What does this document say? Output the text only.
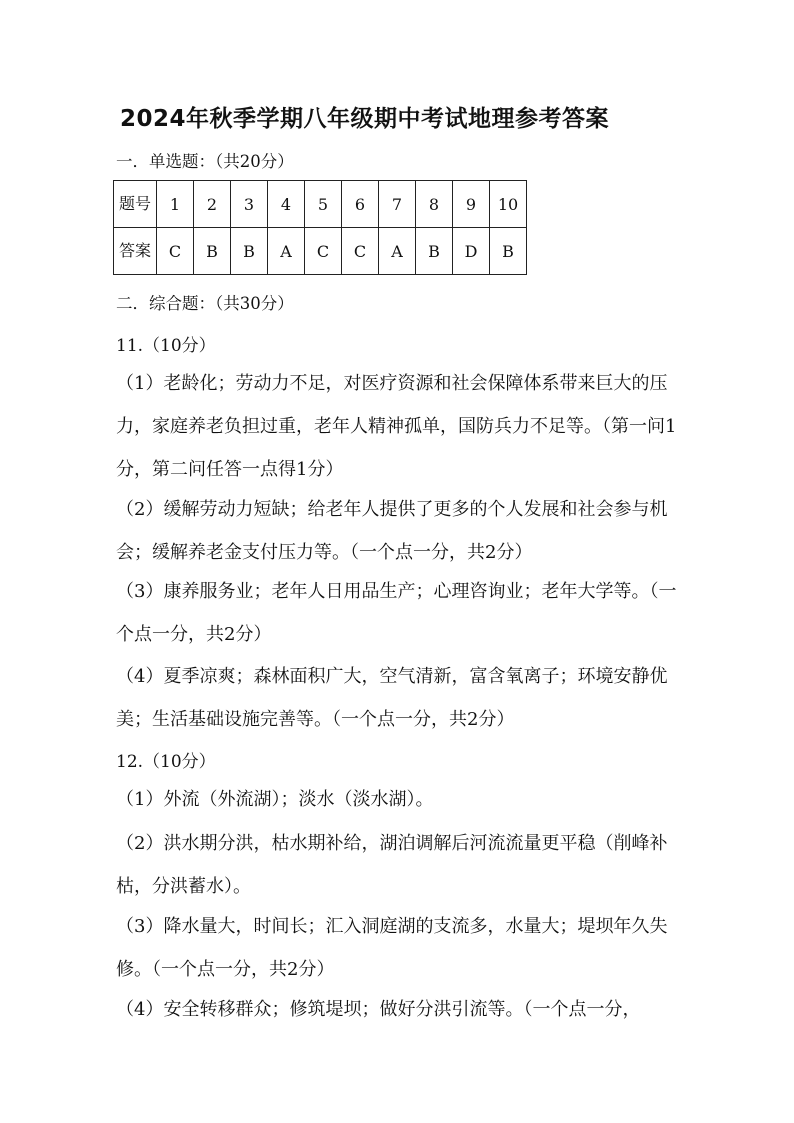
2024年秋季学期八年级期中考试地理参考答案

一．单选题：（共20分）

题号	1	2	3	4	5	6	7	8	9	10
答案	C	B	B	A	C	C	A	B	D	B

二．综合题：（共30分）

11.（10分）

（1）老龄化；劳动力不足，对医疗资源和社会保障体系带来巨大的压力，家庭养老负担过重，老年人精神孤单，国防兵力不足等。（第一问1分，第二问任答一点得1分）

（2）缓解劳动力短缺；给老年人提供了更多的个人发展和社会参与机会；缓解养老金支付压力等。（一个点一分，共2分）

（3）康养服务业；老年人日用品生产；心理咨询业；老年大学等。（一个点一分，共2分）

（4）夏季凉爽；森林面积广大，空气清新，富含氧离子；环境安静优美；生活基础设施完善等。（一个点一分，共2分）

12.（10分）

（1）外流（外流湖）；淡水（淡水湖）。

（2）洪水期分洪，枯水期补给，湖泊调解后河流流量更平稳（削峰补枯，分洪蓄水）。

（3）降水量大，时间长；汇入洞庭湖的支流多，水量大；堤坝年久失修。（一个点一分，共2分）

（4）安全转移群众；修筑堤坝；做好分洪引流等。（一个点一分，
